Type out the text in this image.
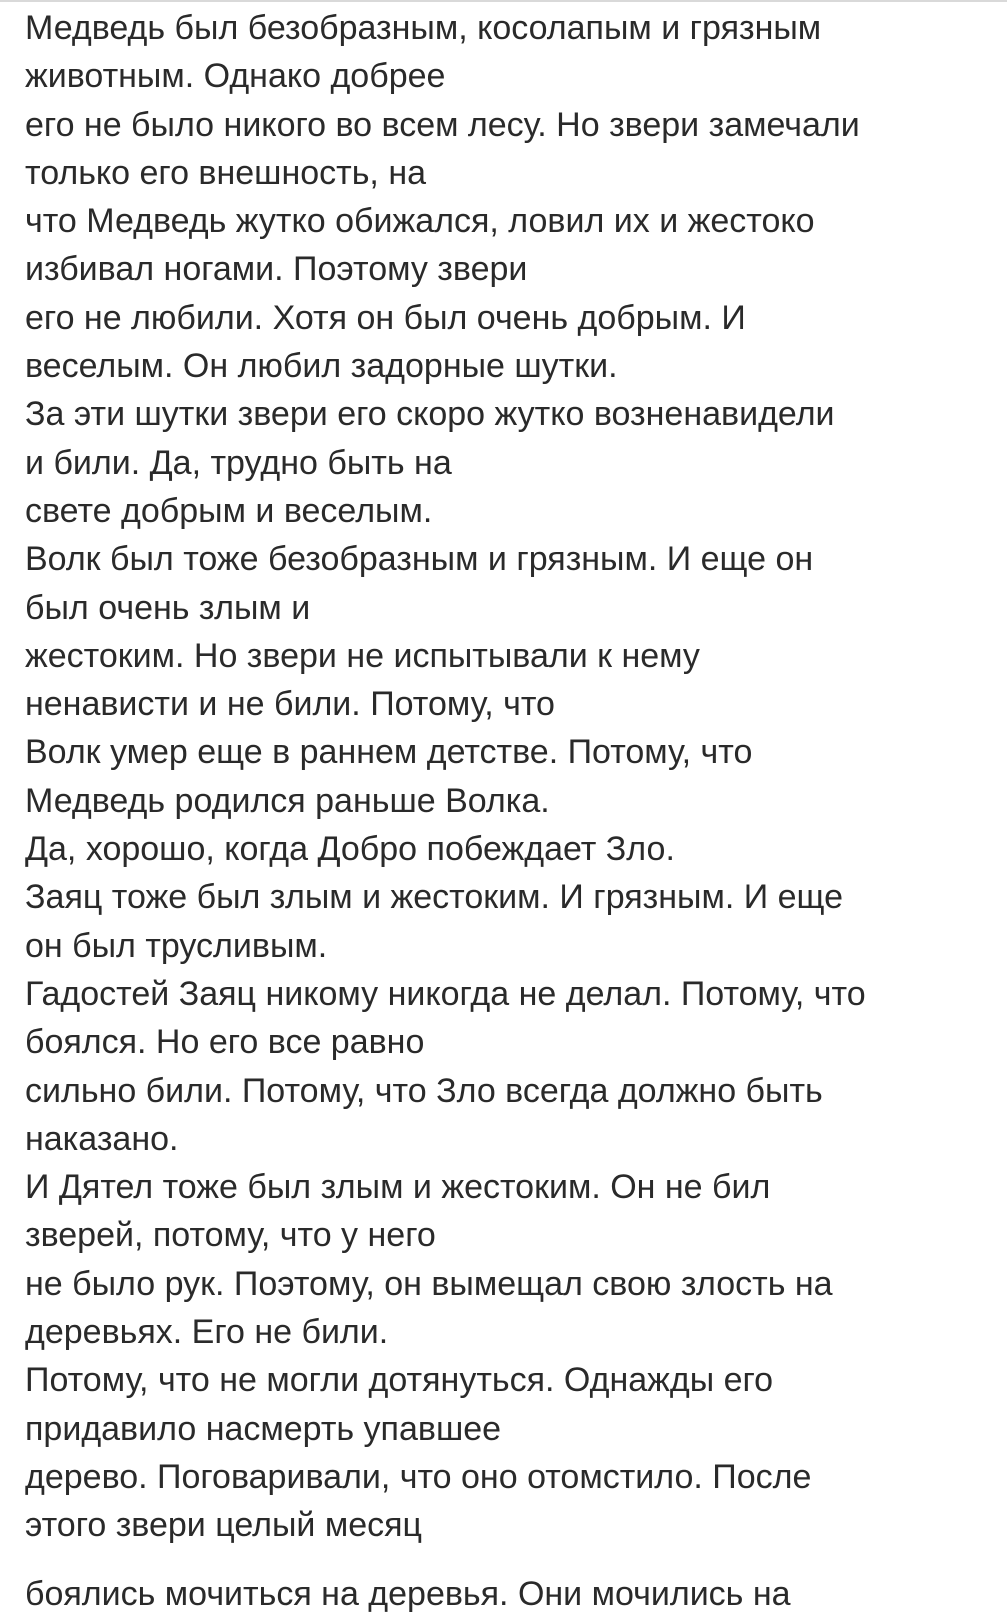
Медведь был безобразным, косолапым и грязным
животным. Однако добрее
его не было никого во всем лесу. Но звери замечали
только его внешность, на
что Медведь жутко обижался, ловил их и жестоко
избивал ногами. Поэтому звери
его не любили. Хотя он был очень добрым. И
веселым. Он любил задорные шутки.
За эти шутки звери его скоро жутко возненавидели
и били. Да, трудно быть на
свете добрым и веселым.
Волк был тоже безобразным и грязным. И еще он
был очень злым и
жестоким. Но звери не испытывали к нему
ненависти и не били. Потому, что
Волк умер еще в раннем детстве. Потому, что
Медведь родился раньше Волка.
Да, хорошо, когда Добро побеждает Зло.
Заяц тоже был злым и жестоким. И грязным. И еще
он был трусливым.
Гадостей Заяц никому никогда не делал. Потому, что
боялся. Но его все равно
сильно били. Потому, что Зло всегда должно быть
наказано.
И Дятел тоже был злым и жестоким. Он не бил
зверей, потому, что у него
не было рук. Поэтому, он вымещал свою злость на
деревьях. Его не били.
Потому, что не могли дотянуться. Однажды его
придавило насмерть упавшее
дерево. Поговаривали, что оно отомстило. После
этого звери целый месяц
боялись мочиться на деревья. Они мочились на
